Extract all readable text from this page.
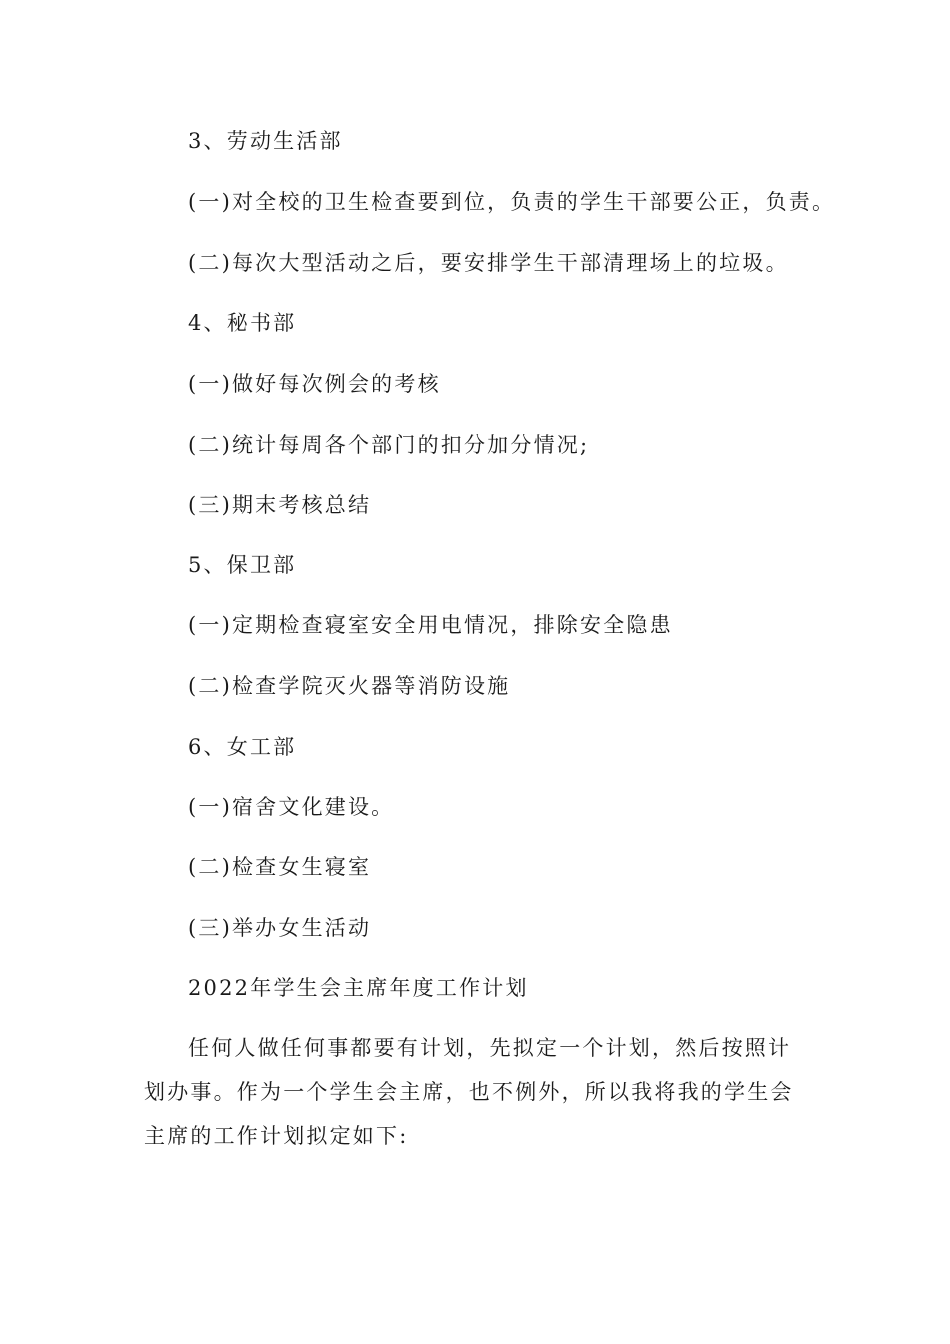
3、劳动生活部
(一)对全校的卫生检查要到位，负责的学生干部要公正，负责。
(二)每次大型活动之后，要安排学生干部清理场上的垃圾。
4、秘书部
(一)做好每次例会的考核
(二)统计每周各个部门的扣分加分情况;
(三)期末考核总结
5、保卫部
(一)定期检查寝室安全用电情况，排除安全隐患
(二)检查学院灭火器等消防设施
6、女工部
(一)宿舍文化建设。
(二)检查女生寝室
(三)举办女生活动
2022年学生会主席年度工作计划
任何人做任何事都要有计划，先拟定一个计划，然后按照计划办事。作为一个学生会主席，也不例外，所以我将我的学生会主席的工作计划拟定如下:
